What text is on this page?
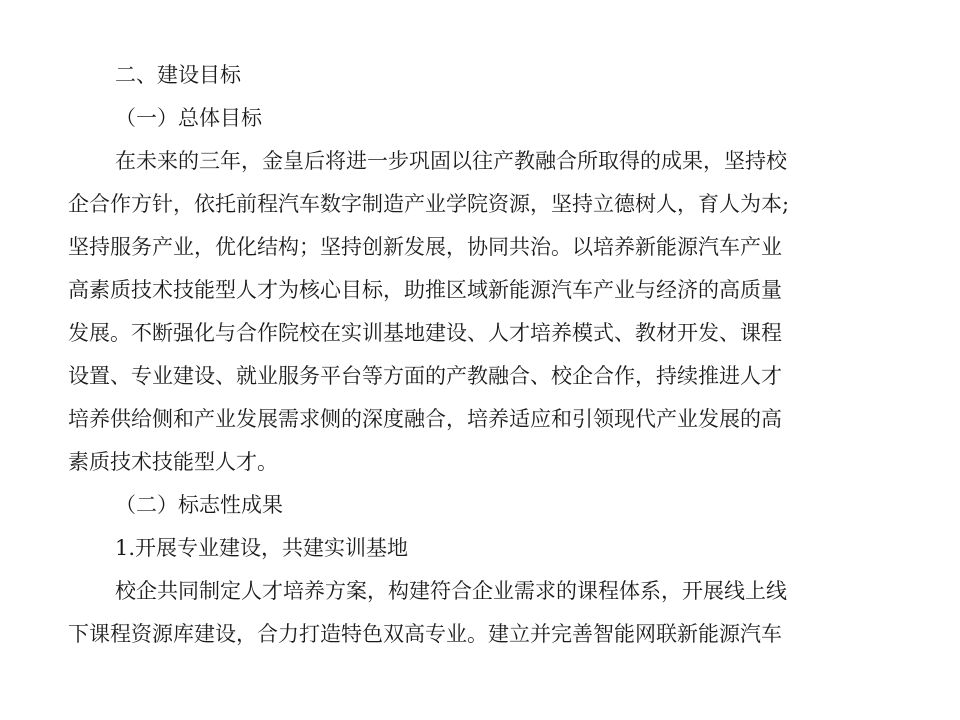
二、建设目标
（一）总体目标
在未来的三年，金皇后将进一步巩固以往产教融合所取得的成果，坚持校
企合作方针，依托前程汽车数字制造产业学院资源，坚持立德树人，育人为本;
坚持服务产业，优化结构；坚持创新发展，协同共治。以培养新能源汽车产业
高素质技术技能型人才为核心目标，助推区域新能源汽车产业与经济的高质量
发展。不断强化与合作院校在实训基地建设、人才培养模式、教材开发、课程
设置、专业建设、就业服务平台等方面的产教融合、校企合作，持续推进人才
培养供给侧和产业发展需求侧的深度融合，培养适应和引领现代产业发展的高
素质技术技能型人才。
（二）标志性成果
1.开展专业建设，共建实训基地
校企共同制定人才培养方案，构建符合企业需求的课程体系，开展线上线
下课程资源库建设，合力打造特色双高专业。建立并完善智能网联新能源汽车
